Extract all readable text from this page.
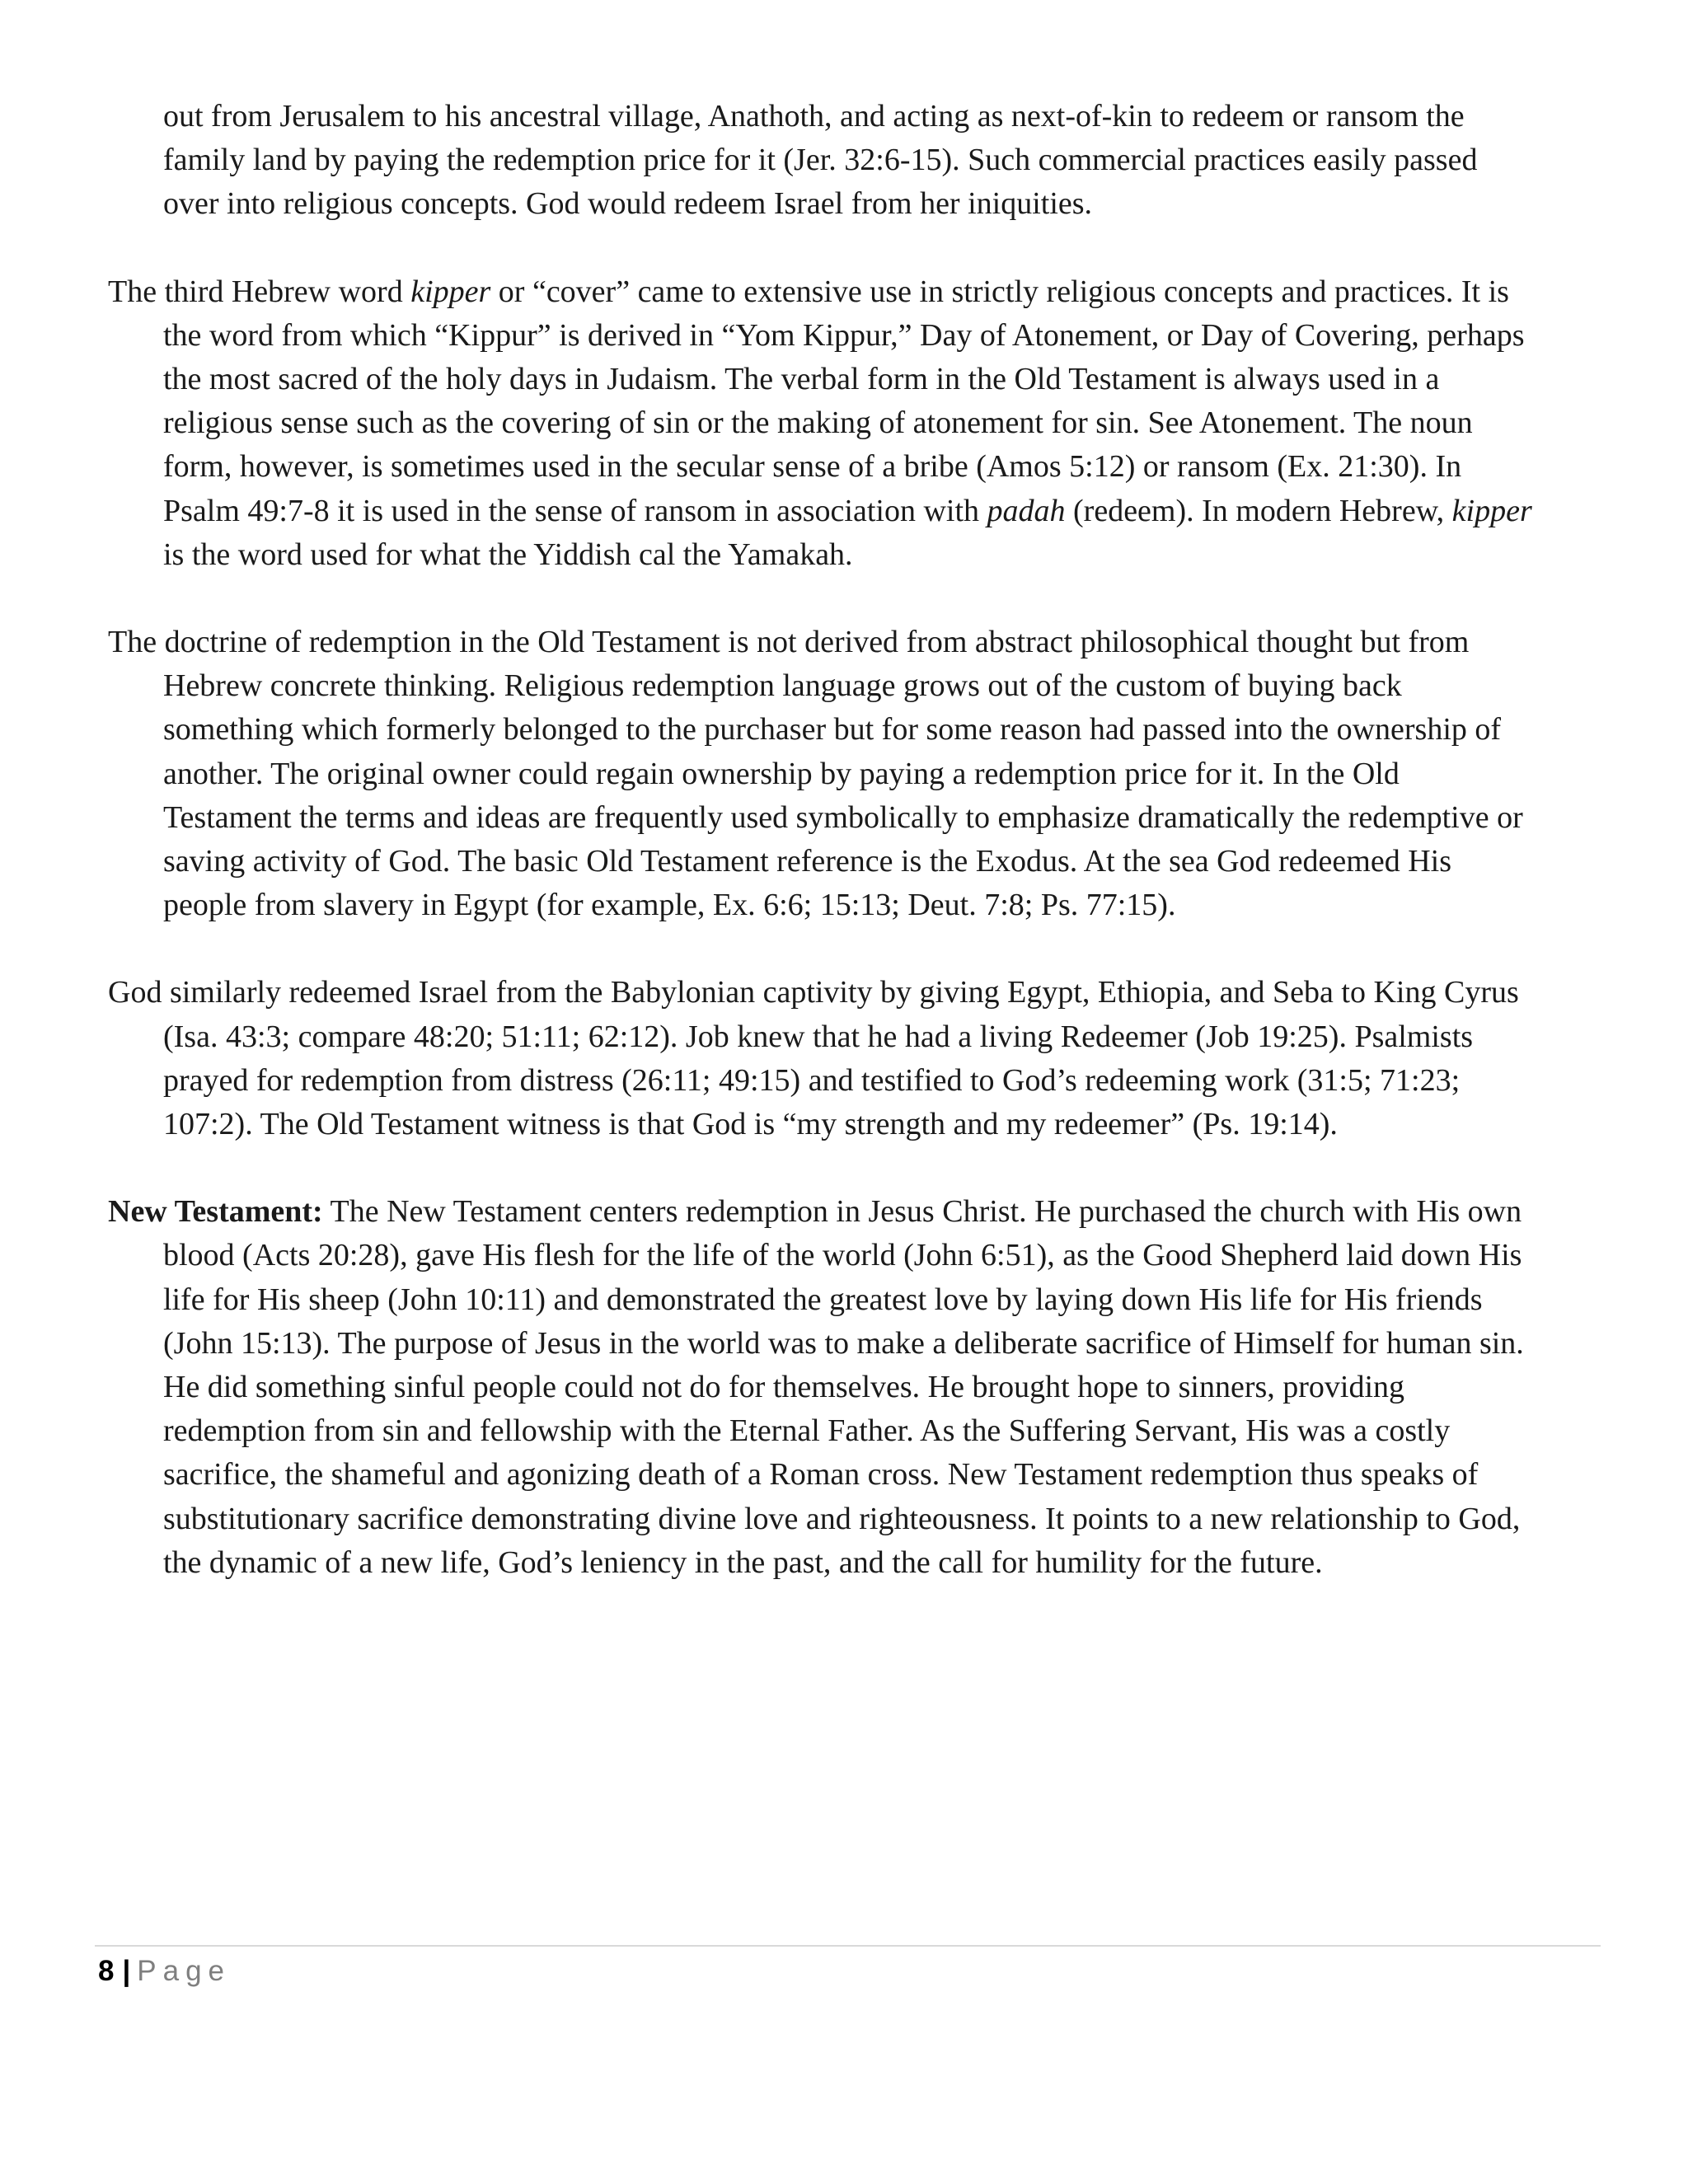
out from Jerusalem to his ancestral village, Anathoth, and acting as next-of-kin to redeem or ransom the family land by paying the redemption price for it (Jer. 32:6-15). Such commercial practices easily passed over into religious concepts. God would redeem Israel from her iniquities.

The third Hebrew word kipper or “cover” came to extensive use in strictly religious concepts and practices. It is the word from which “Kippur” is derived in “Yom Kippur,” Day of Atonement, or Day of Covering, perhaps the most sacred of the holy days in Judaism. The verbal form in the Old Testament is always used in a religious sense such as the covering of sin or the making of atonement for sin. See Atonement. The noun form, however, is sometimes used in the secular sense of a bribe (Amos 5:12) or ransom (Ex. 21:30). In Psalm 49:7-8 it is used in the sense of ransom in association with padah (redeem). In modern Hebrew, kipper is the word used for what the Yiddish cal the Yamakah.

The doctrine of redemption in the Old Testament is not derived from abstract philosophical thought but from Hebrew concrete thinking. Religious redemption language grows out of the custom of buying back something which formerly belonged to the purchaser but for some reason had passed into the ownership of another. The original owner could regain ownership by paying a redemption price for it. In the Old Testament the terms and ideas are frequently used symbolically to emphasize dramatically the redemptive or saving activity of God. The basic Old Testament reference is the Exodus. At the sea God redeemed His people from slavery in Egypt (for example, Ex. 6:6; 15:13; Deut. 7:8; Ps. 77:15).

God similarly redeemed Israel from the Babylonian captivity by giving Egypt, Ethiopia, and Seba to King Cyrus (Isa. 43:3; compare 48:20; 51:11; 62:12). Job knew that he had a living Redeemer (Job 19:25). Psalmists prayed for redemption from distress (26:11; 49:15) and testified to God’s redeeming work (31:5; 71:23; 107:2). The Old Testament witness is that God is “my strength and my redeemer” (Ps. 19:14).

New Testament: The New Testament centers redemption in Jesus Christ. He purchased the church with His own blood (Acts 20:28), gave His flesh for the life of the world (John 6:51), as the Good Shepherd laid down His life for His sheep (John 10:11) and demonstrated the greatest love by laying down His life for His friends (John 15:13). The purpose of Jesus in the world was to make a deliberate sacrifice of Himself for human sin. He did something sinful people could not do for themselves. He brought hope to sinners, providing redemption from sin and fellowship with the Eternal Father. As the Suffering Servant, His was a costly sacrifice, the shameful and agonizing death of a Roman cross. New Testament redemption thus speaks of substitutionary sacrifice demonstrating divine love and righteousness. It points to a new relationship to God, the dynamic of a new life, God’s leniency in the past, and the call for humility for the future.

8 | Page
